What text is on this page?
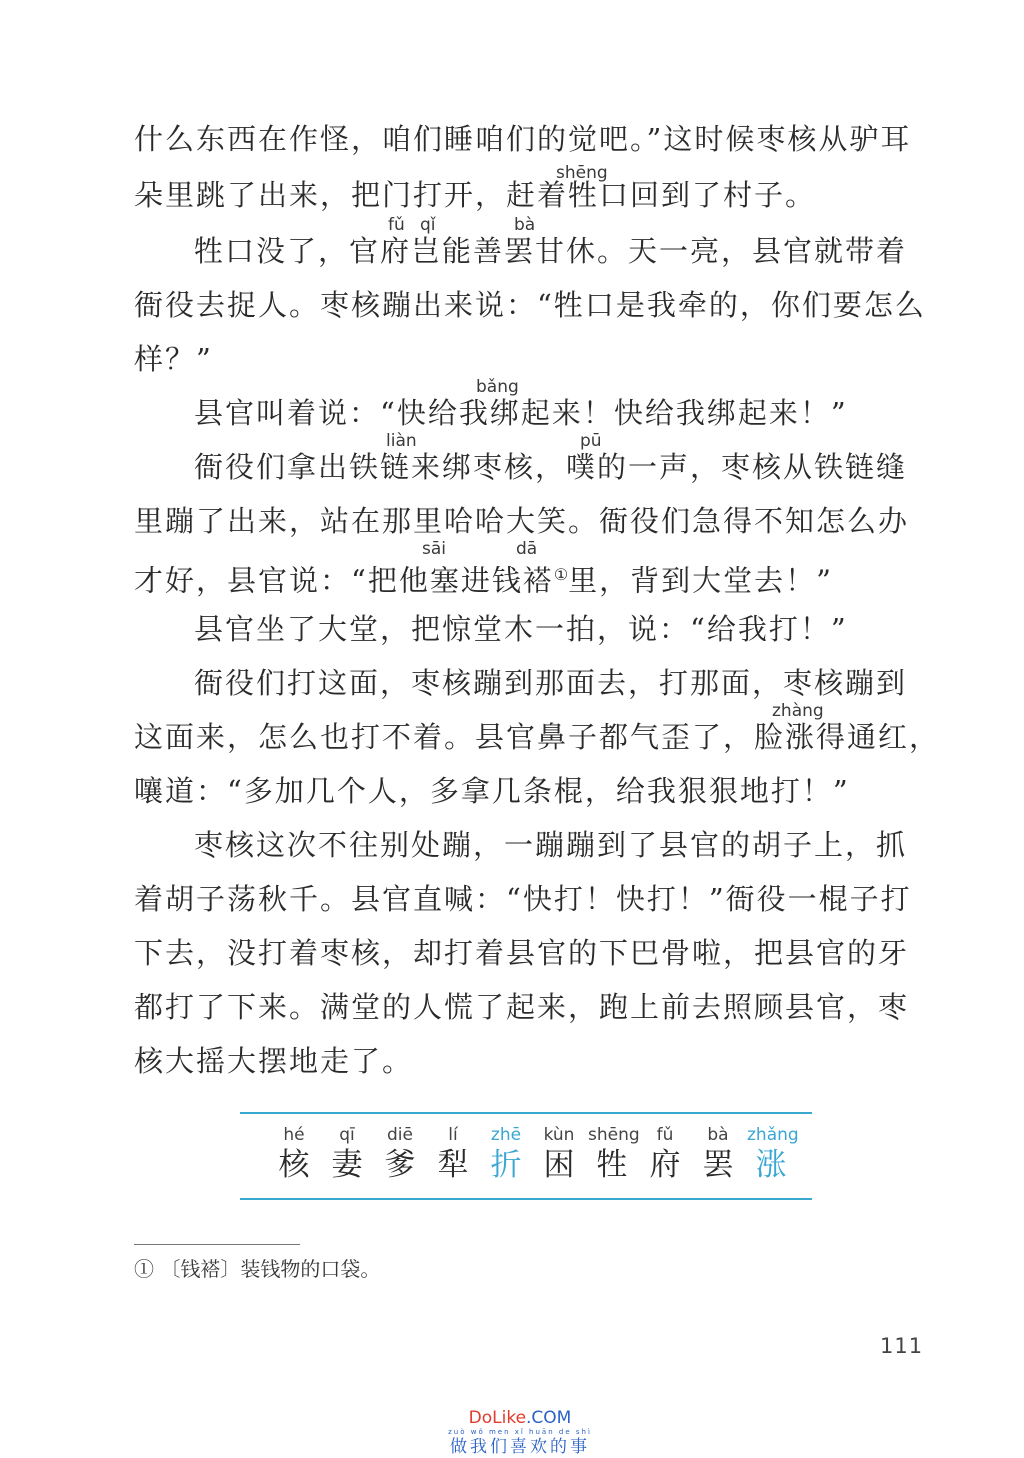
什么东西在作怪，咱们睡咱们的觉吧。”这时候枣核从驴耳
朵里跳了出来，把门打开，赶着牲口回到了村子。
shēng
fǔ qǐ	bà
牲口没了，官府岂能善罢甘休。天一亮，县官就带着
衙役去捉人。枣核蹦出来说：“牲口是我牵的，你们要怎么
样？”
bǎng
县官叫着说：“快给我绑起来！快给我绑起来！”
liàn	pū
衙役们拿出铁链来绑枣核，噗的一声，枣核从铁链缝
里蹦了出来，站在那里哈哈大笑。衙役们急得不知怎么办
sāi	dā
才好，县官说：“把他塞进钱褡①里，背到大堂去！”
县官坐了大堂，把惊堂木一拍，说：“给我打！”
衙役们打这面，枣核蹦到那面去，打那面，枣核蹦到
zhàng
这面来，怎么也打不着。县官鼻子都气歪了，脸涨得通红，
嚷道：“多加几个人，多拿几条棍，给我狠狠地打！”
枣核这次不往别处蹦，一蹦蹦到了县官的胡子上，抓
着胡子荡秋千。县官直喊：“快打！快打！”衙役一棍子打
下去，没打着枣核，却打着县官的下巴骨啦，把县官的牙
都打了下来。满堂的人慌了起来，跑上前去照顾县官，枣
核大摇大摆地走了。
hé
核
qī
妻
diē
爹
lí
犁
zhē
折
kùn
困
shēng
牲
fǔ
府
bà
罢
zhǎng
涨
① 〔钱褡〕装钱物的口袋。
111
DoLike.COM
zuò wǒ men xǐ huān de shì
做我们喜欢的事
